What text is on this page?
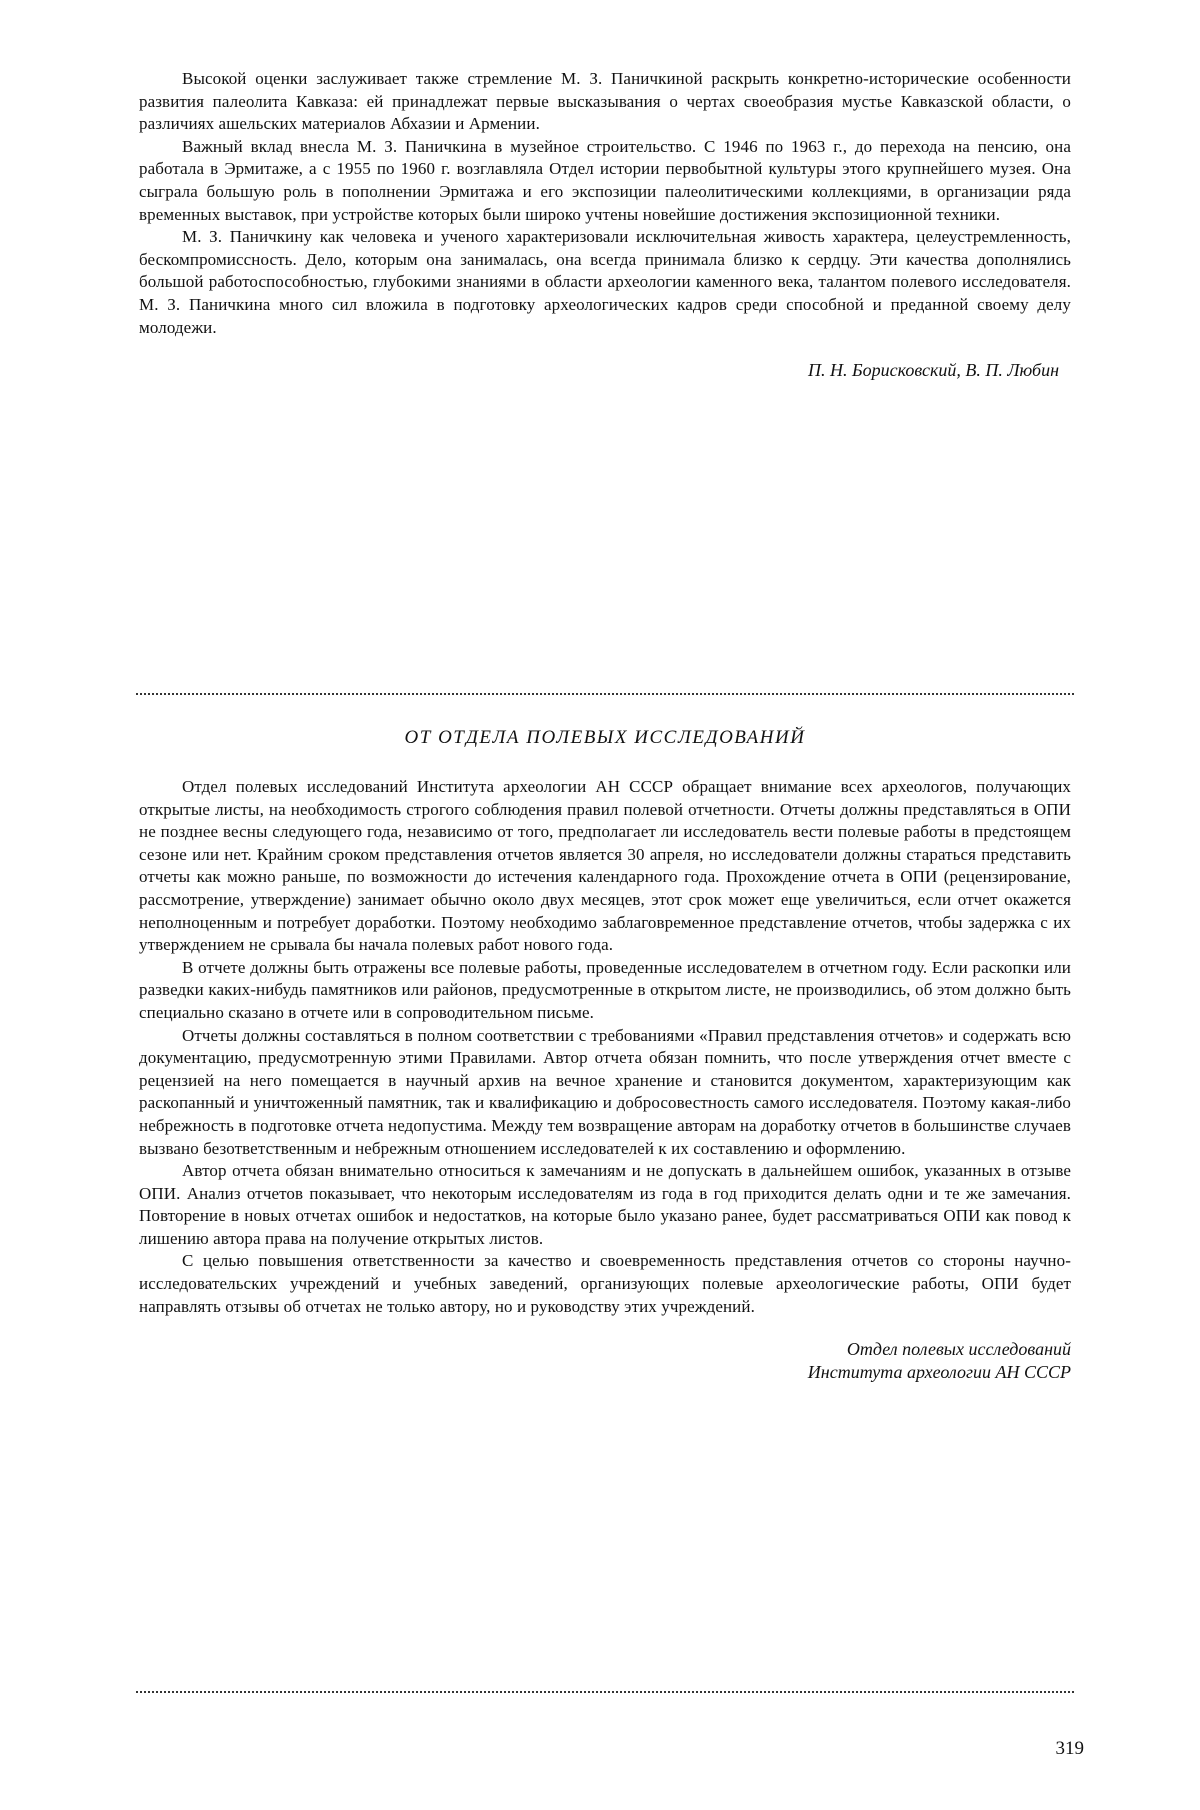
Высокой оценки заслуживает также стремление М. З. Паничкиной раскрыть конкретно-исторические особенности развития палеолита Кавказа: ей принадлежат первые высказывания о чертах своеобразия мустье Кавказской области, о различиях ашельских материалов Абхазии и Армении.

Важный вклад внесла М. З. Паничкина в музейное строительство. С 1946 по 1963 г., до перехода на пенсию, она работала в Эрмитаже, а с 1955 по 1960 г. возглавляла Отдел истории первобытной культуры этого крупнейшего музея. Она сыграла большую роль в пополнении Эрмитажа и его экспозиции палеолитическими коллекциями, в организации ряда временных выставок, при устройстве которых были широко учтены новейшие достижения экспозиционной техники.

М. З. Паничкину как человека и ученого характеризовали исключительная живость характера, целеустремленность, бескомпромиссность. Дело, которым она занималась, она всегда принимала близко к сердцу. Эти качества дополнялись большой работоспособностью, глубокими знаниями в области археологии каменного века, талантом полевого исследователя. М. З. Паничкина много сил вложила в подготовку археологических кадров среди способной и преданной своему делу молодежи.

П. Н. Борисковский, В. П. Любин
ОТ ОТДЕЛА ПОЛЕВЫХ ИССЛЕДОВАНИЙ

Отдел полевых исследований Института археологии АН СССР обращает внимание всех археологов, получающих открытые листы, на необходимость строгого соблюдения правил полевой отчетности. Отчеты должны представляться в ОПИ не позднее весны следующего года, независимо от того, предполагает ли исследователь вести полевые работы в предстоящем сезоне или нет. Крайним сроком представления отчетов является 30 апреля, но исследователи должны стараться представить отчеты как можно раньше, по возможности до истечения календарного года. Прохождение отчета в ОПИ (рецензирование, рассмотрение, утверждение) занимает обычно около двух месяцев, этот срок может еще увеличиться, если отчет окажется неполноценным и потребует доработки. Поэтому необходимо заблаговременное представление отчетов, чтобы задержка с их утверждением не срывала бы начала полевых работ нового года.

В отчете должны быть отражены все полевые работы, проведенные исследователем в отчетном году. Если раскопки или разведки каких-нибудь памятников или районов, предусмотренные в открытом листе, не производились, об этом должно быть специально сказано в отчете или в сопроводительном письме.

Отчеты должны составляться в полном соответствии с требованиями «Правил представления отчетов» и содержать всю документацию, предусмотренную этими Правилами. Автор отчета обязан помнить, что после утверждения отчет вместе с рецензией на него помещается в научный архив на вечное хранение и становится документом, характеризующим как раскопанный и уничтоженный памятник, так и квалификацию и добросовестность самого исследователя. Поэтому какая-либо небрежность в подготовке отчета недопустима. Между тем возвращение авторам на доработку отчетов в большинстве случаев вызвано безответственным и небрежным отношением исследователей к их составлению и оформлению.

Автор отчета обязан внимательно относиться к замечаниям и не допускать в дальнейшем ошибок, указанных в отзыве ОПИ. Анализ отчетов показывает, что некоторым исследователям из года в год приходится делать одни и те же замечания. Повторение в новых отчетах ошибок и недостатков, на которые было указано ранее, будет рассматриваться ОПИ как повод к лишению автора права на получение открытых листов.

С целью повышения ответственности за качество и своевременность представления отчетов со стороны научно-исследовательских учреждений и учебных заведений, организующих полевые археологические работы, ОПИ будет направлять отзывы об отчетах не только автору, но и руководству этих учреждений.

Отдел полевых исследований
Института археологии АН СССР
319
